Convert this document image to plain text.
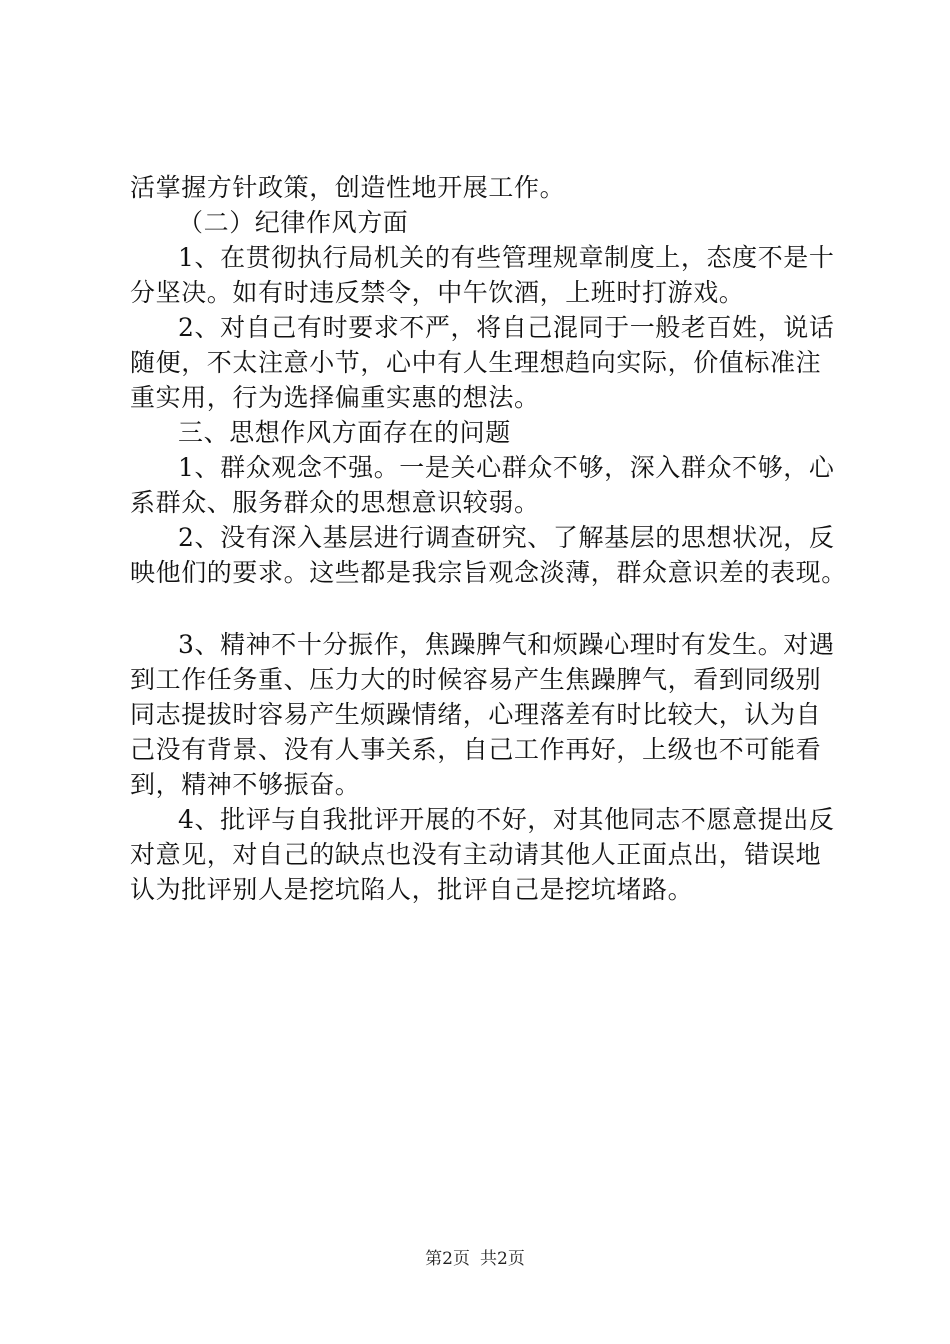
活掌握方针政策，创造性地开展工作。
（二）纪律作风方面
1、在贯彻执行局机关的有些管理规章制度上，态度不是十
分坚决。如有时违反禁令，中午饮酒，上班时打游戏。
2、对自己有时要求不严，将自己混同于一般老百姓，说话
随便，不太注意小节，心中有人生理想趋向实际，价值标准注
重实用，行为选择偏重实惠的想法。
三、思想作风方面存在的问题
1、群众观念不强。一是关心群众不够，深入群众不够，心
系群众、服务群众的思想意识较弱。
2、没有深入基层进行调查研究、了解基层的思想状况，反
映他们的要求。这些都是我宗旨观念淡薄，群众意识差的表现。
3、精神不十分振作，焦躁脾气和烦躁心理时有发生。对遇
到工作任务重、压力大的时候容易产生焦躁脾气，看到同级别
同志提拔时容易产生烦躁情绪，心理落差有时比较大，认为自
己没有背景、没有人事关系，自己工作再好，上级也不可能看
到，精神不够振奋。
4、批评与自我批评开展的不好，对其他同志不愿意提出反
对意见，对自己的缺点也没有主动请其他人正面点出，错误地
认为批评别人是挖坑陷人，批评自己是挖坑堵路。
第2页 共2页
